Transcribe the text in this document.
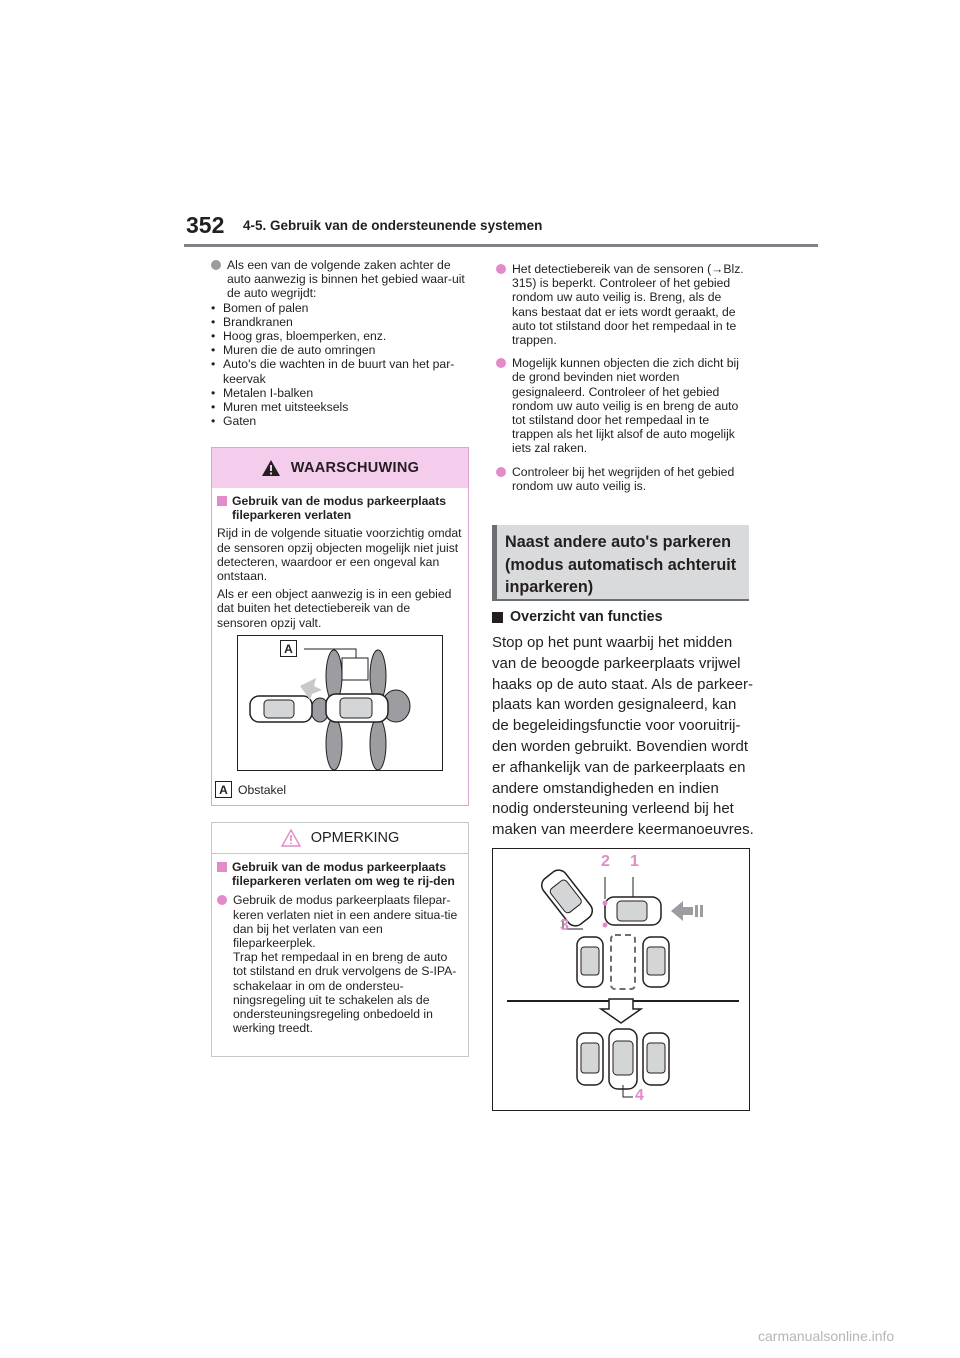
352 4-5. Gebruik van de ondersteunende systemen
Als een van de volgende zaken achter de auto aanwezig is binnen het gebied waar-uit de auto wegrijdt:
• Bomen of palen
• Brandkranen
• Hoog gras, bloemperken, enz.
• Muren die de auto omringen
• Auto's die wachten in de buurt van het par-keervak
• Metalen I-balken
• Muren met uitsteeksels
• Gaten
WAARSCHUWING
Gebruik van de modus parkeerplaats fileparkeren verlaten
Rijd in de volgende situatie voorzichtig omdat de sensoren opzij objecten mogelijk niet juist detecteren, waardoor er een ongeval kan ontstaan.
Als er een object aanwezig is in een gebied dat buiten het detectiebereik van de sensoren opzij valt.
A
A Obstakel
OPMERKING
Gebruik van de modus parkeerplaats fileparkeren verlaten om weg te rij-den
Gebruik de modus parkeerplaats filepar-keren verlaten niet in een andere situa-tie dan bij het verlaten van een fileparkeerplek.
Trap het rempedaal in en breng de auto tot stilstand en druk vervolgens de S-IPA-schakelaar in om de ondersteu-ningsregeling uit te schakelen als de ondersteuningsregeling onbedoeld in werking treedt.
Het detectiebereik van de sensoren (→Blz. 315) is beperkt. Controleer of het gebied rondom uw auto veilig is. Breng, als de kans bestaat dat er iets wordt geraakt, de auto tot stilstand door het rempedaal in te trappen.
Mogelijk kunnen objecten die zich dicht bij de grond bevinden niet worden gesignaleerd. Controleer of het gebied rondom uw auto veilig is en breng de auto tot stilstand door het rempedaal in te trappen als het lijkt alsof de auto mogelijk iets zal raken.
Controleer bij het wegrijden of het gebied rondom uw auto veilig is.
Naast andere auto's parkeren
(modus automatisch achteruit
inparkeren)
Overzicht van functies
Stop op het punt waarbij het midden van de beoogde parkeerplaats vrijwel haaks op de auto staat. Als de parkeer-plaats kan worden gesignaleerd, kan de begeleidingsfunctie voor vooruitrij-den worden gebruikt. Bovendien wordt er afhankelijk van de parkeerplaats en andere omstandigheden en indien nodig ondersteuning verleend bij het maken van meerdere keermanoeuvres.
2 1
3
4
carmanualsonline.info
